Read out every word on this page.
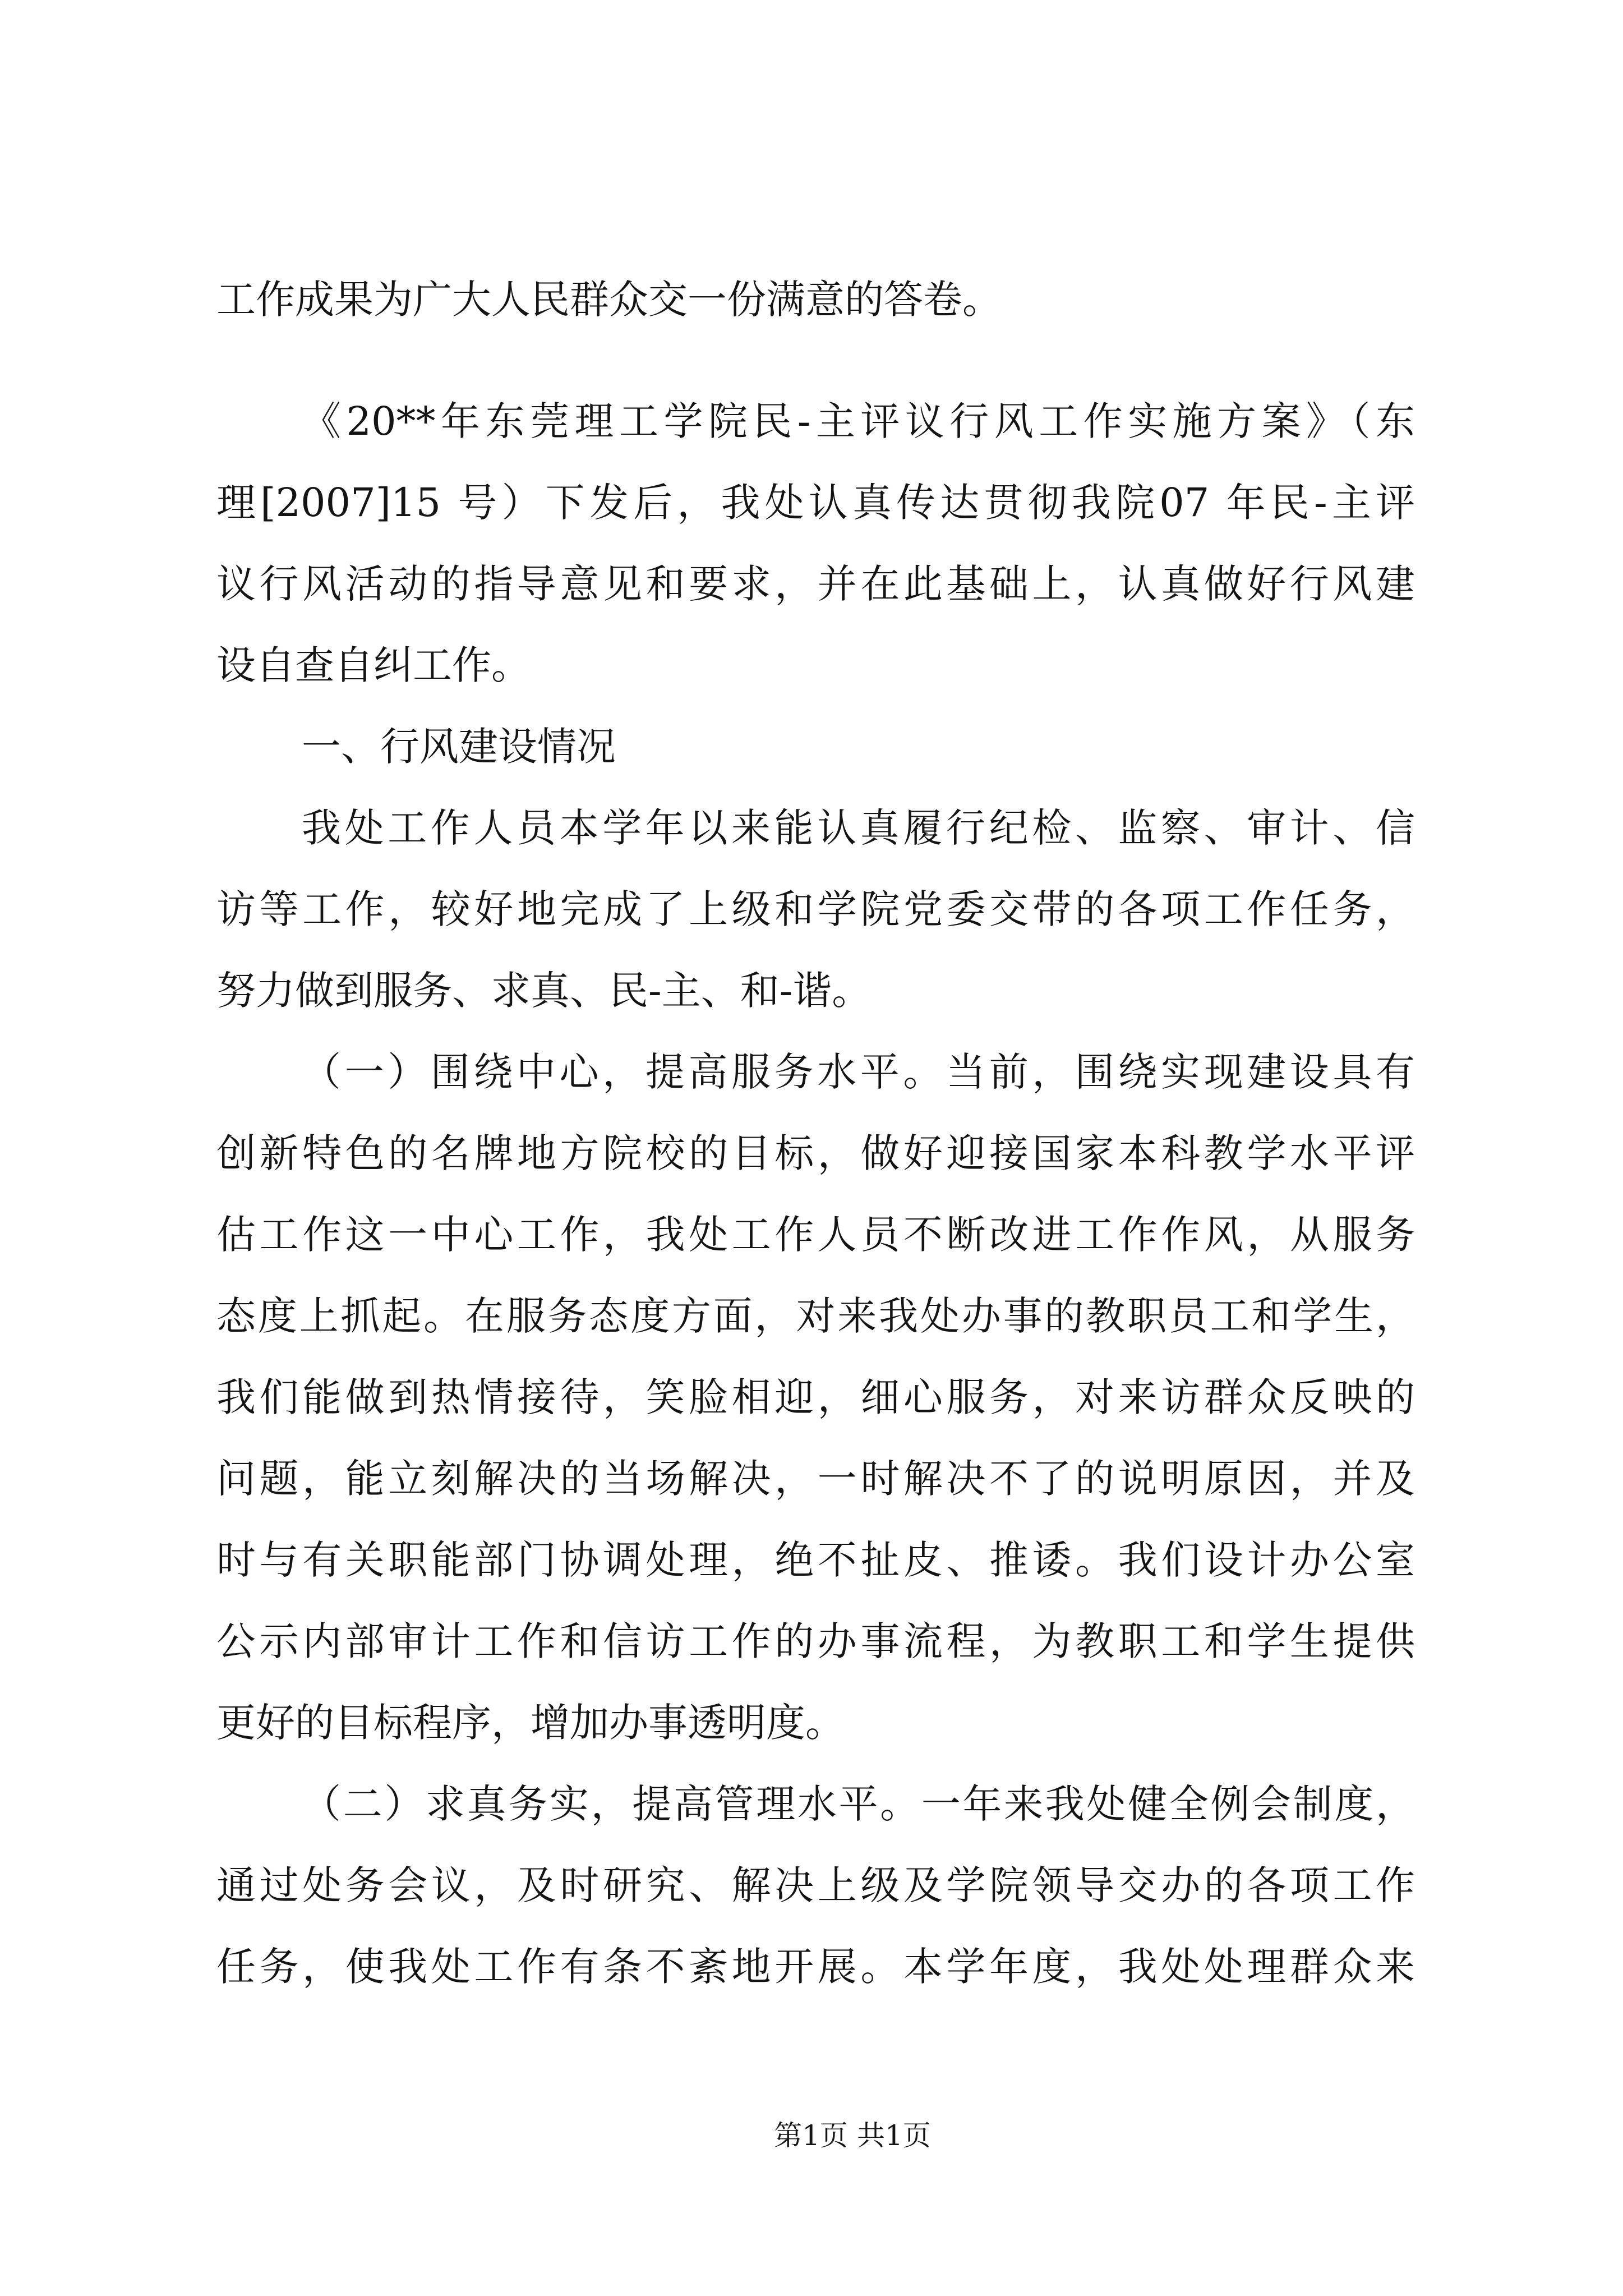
工作成果为广大人民群众交一份满意的答卷。
《20**年东莞理工学院民-主评议行风工作实施方案》（东
理[2007]15 号）下发后，我处认真传达贯彻我院07 年民-主评
议行风活动的指导意见和要求，并在此基础上，认真做好行风建
设自查自纠工作。
一、行风建设情况
我处工作人员本学年以来能认真履行纪检、监察、审计、信
访等工作，较好地完成了上级和学院党委交带的各项工作任务，
努力做到服务、求真、民-主、和-谐。
（一）围绕中心，提高服务水平。当前，围绕实现建设具有
创新特色的名牌地方院校的目标，做好迎接国家本科教学水平评
估工作这一中心工作，我处工作人员不断改进工作作风，从服务
态度上抓起。在服务态度方面，对来我处办事的教职员工和学生，
我们能做到热情接待，笑脸相迎，细心服务，对来访群众反映的
问题，能立刻解决的当场解决，一时解决不了的说明原因，并及
时与有关职能部门协调处理，绝不扯皮、推诿。我们设计办公室
公示内部审计工作和信访工作的办事流程，为教职工和学生提供
更好的目标程序，增加办事透明度。
（二）求真务实，提高管理水平。一年来我处健全例会制度，
通过处务会议，及时研究、解决上级及学院领导交办的各项工作
任务，使我处工作有条不紊地开展。本学年度，我处处理群众来
第1页 共1页
